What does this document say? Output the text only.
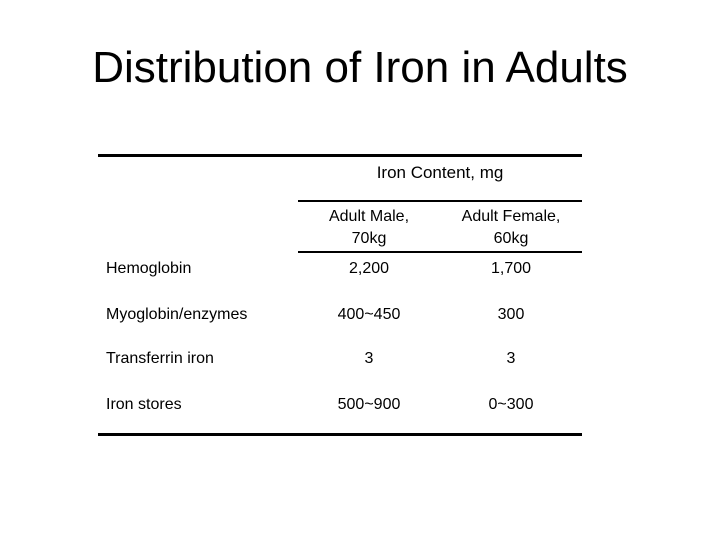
Distribution of Iron in Adults
Iron Content, mg
Adult Male,
70kg
Adult Female,
60kg
Hemoglobin	2,200	1,700
Myoglobin/enzymes	400~450	300
Transferrin iron	3	3
Iron stores	500~900	0~300
